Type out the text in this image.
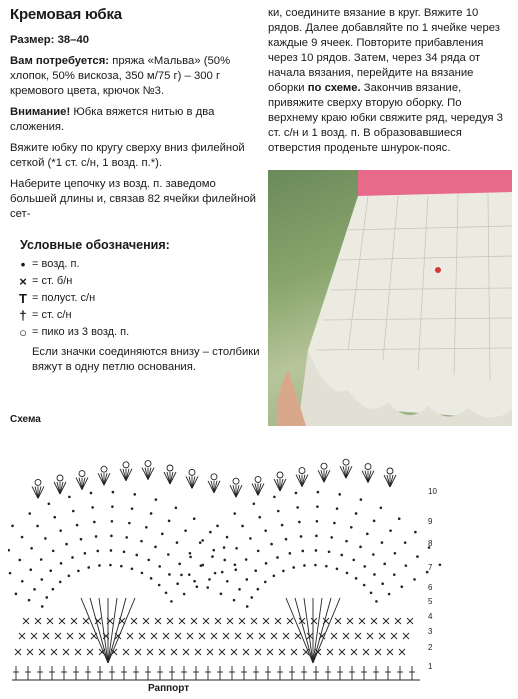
Кремовая юбка
Размер: 38–40
Вам потребуется: пряжа «Мальва» (50% хлопок, 50% вискоза, 350 м/75 г) – 300 г кремового цвета, крючок №3.
Внимание! Юбка вяжется нитью в два сложения.
Вяжите юбку по кругу сверху вниз филейной сеткой (*1 ст. с/н, 1 возд. п.*).
Наберите цепочку из возд. п. заведомо большей длины и, связав 82 ячейки филейной сет-
Условные обозначения:
• = возд. п.
× = ст. б/н
T = полуст. с/н
† = ст. с/н
○ = пико из 3 возд. п.
Если значки соединяются внизу – столбики вяжут в одну петлю основания.
ки, соедините вязание в круг. Вяжите 10 рядов. Далее добавляйте по 1 ячейке через каждые 9 ячеек. Повторите прибавления через 10 рядов. Затем, через 34 ряда от начала вязания, перейдите на вязание оборки по схеме. Закончив вязание, привяжите сверху вторую оборку. По верхнему краю юбки свяжите ряд, чередуя 3 ст. с/н и 1 возд. п. В образовавшиеся отверстия проденьте шнурок-пояс.
Схема
1
2
3
4
5
6
7
8
9
10
Раппорт
